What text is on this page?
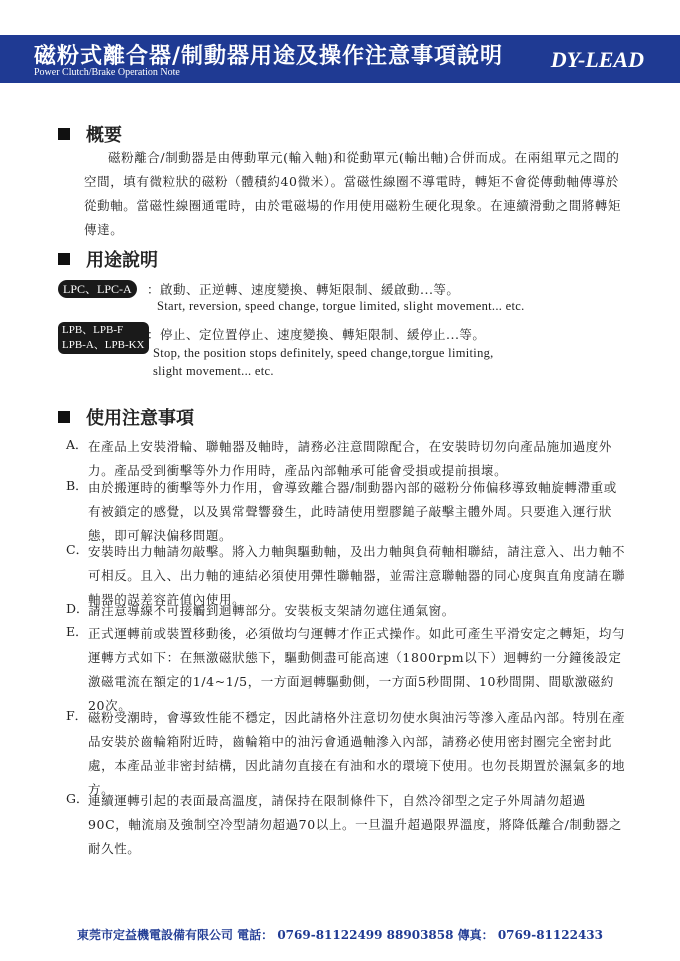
磁粉式離合器/制動器用途及操作注意事項說明
Power Clutch/Brake Operation Note
DY-LEAD
概要
磁粉離合/制動器是由傳動單元(輸入軸)和從動單元(輸出軸)合併而成。在兩組單元之間的空間，填有微粒狀的磁粉（體積約40微米）。當磁性線圈不導電時，轉矩不會從傳動軸傳導於從動軸。當磁性線圈通電時，由於電磁場的作用使用磁粉生硬化現象。在連續滑動之間將轉矩傳達。
用途說明
LPC、LPC-A	：啟動、正逆轉、速度變換、轉矩限制、緩啟動...等。
Start, reversion, speed change, torgue limited, slight movement... etc.
LPB、LPB-F
LPB-A、LPB-KX
：停止、定位置停止、速度變換、轉矩限制、緩停止...等。
Stop, the position stops definitely, speed change,torgue limiting,
slight movement... etc.
使用注意事項
A． 在產品上安裝滑輪、聯軸器及軸時，請務必注意間隙配合，在安裝時切勿向產品施加過度外力。產品受到衝擊等外力作用時，產品內部軸承可能會受損或提前損壞。
B． 由於搬運時的衝擊等外力作用，會導致離合器/制動器內部的磁粉分佈偏移導致軸旋轉滯重或有被鎖定的感覺，以及異常聲響發生，此時請使用塑膠鎚子敲擊主體外周。只要進入運行狀態，即可解決偏移問題。
C． 安裝時出力軸請勿敲擊。將入力軸與驅動軸，及出力軸與負荷軸相聯結，請注意入、出力軸不可相反。且入、出力軸的連結必須使用彈性聯軸器，並需注意聯軸器的同心度與直角度請在聯軸器的誤差容許值內使用。
D． 請注意導線不可接觸到迴轉部分。安裝板支架請勿遮住通氣窗。
E． 正式運轉前或裝置移動後，必須做均勻運轉才作正式操作。如此可產生平滑安定之轉矩，均勻運轉方式如下：在無激磁狀態下，驅動側盡可能高速（1800rpm以下）迴轉約一分鐘後設定激磁電流在額定的1/4~1/5，一方面迴轉驅動側，一方面5秒間開、10秒間開、間歇激磁約20次。
F． 磁粉受潮時，會導致性能不穩定，因此請格外注意切勿使水與油污等滲入產品內部。特別在產品安裝於齒輪箱附近時，齒輪箱中的油污會通過軸滲入內部，請務必使用密封圈完全密封此處，本產品並非密封結構，因此請勿直接在有油和水的環境下使用。也勿長期置於濕氣多的地方。
G． 連續運轉引起的表面最高溫度，請保持在限制條件下，自然冷卻型之定子外周請勿超過90C，軸流扇及強制空冷型請勿超過70以上。一旦溫升超過限界溫度，將降低離合/制動器之耐久性。
東莞市定益機電設備有限公司 電話： 0769-81122499 88903858 傳真： 0769-81122433
